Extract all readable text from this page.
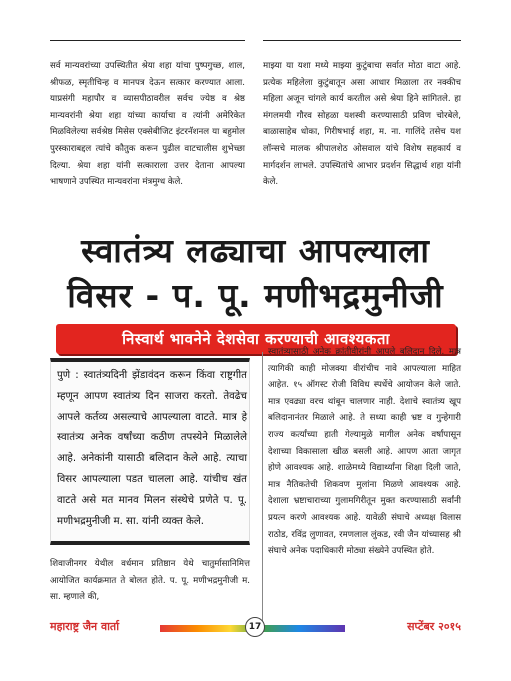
सर्व मान्यवरांच्या उपस्थितीत श्रेया शहा यांचा पुष्पगुच्छ, शाल, श्रीफळ, स्मृतीचिन्ह व मानपत्र देऊन सत्कार करण्यात आला. याप्रसंगी महापौर व व्यासपीठावरील सर्वच ज्येष्ठ व श्रेष्ठ मान्यवरांनी श्रेया शहा यांच्या कार्याचा व त्यांनी अमेरिकेत मिळविलेल्या सर्वश्रेष्ठ मिसेस एक्सेबीजिट इंटरनॅशनल या बहुमोल पुरस्काराबद्दल त्यांचे कौतुक करून पुढील वाटचालीस शुभेच्छा दिल्या. श्रेया शहा यांनी सत्काराला उत्तर देताना आपल्या भाषणाने उपस्थित मान्यवरांना मंत्रमुग्ध केले.
माझ्या या यशा मध्ये माझ्या कुटुंबाचा सर्वात मोठा वाटा आहे. प्रत्येक महिलेला कुटुंबातून असा आधार मिळाला तर नक्कीच महिला अजून चांगले कार्य करतील असे श्रेया हिने सांगितले. हा मंगलमयी गौरव सोहळा यशस्वी करण्यासाठी प्रविण चोरबेले, बाळासाहेब धोका, गिरीषभाई शहा, म. ना. गालिंदे तसेच यश लॉन्सचे मालक श्रीपालशेठ ओसवाल यांचे विशेष सहकार्य व मार्गदर्शन लाभले. उपस्थितांचे आभार प्रदर्शन सिद्धार्थ शहा यांनी केले.
स्वातंत्र्य लढ्याचा आपल्याला
विसर - प. पू. मणीभद्रमुनीजी
निस्वार्थ भावनेने देशसेवा करण्याची आवश्यकता
पुणे : स्वातंत्र्यदिनी झेंडावंदन करून किंवा राष्ट्रगीत म्हणून आपण स्वातंत्र्य दिन साजरा करतो. तेवढेच आपले कर्तव्य असल्याचे आपल्याला वाटते. मात्र हे स्वातंत्र्य अनेक वर्षांच्या कठीण तपस्येने मिळालेले आहे. अनेकांनी यासाठी बलिदान केले आहे. त्याचा विसर आपल्याला पडत चालला आहे. यांचीच खंत वाटते असे मत मानव मिलन संस्थेचे प्रणेते प. पू. मणीभद्रमुनीजी म. सा. यांनी व्यक्त केले.
शिवाजीनगर येथील वर्धमान प्रतिष्ठान येथे चातुर्मासानिमित्त आयोजित कार्यक्रमात ते बोलत होते. प. पू. मणीभद्रमुनीजी म. सा. म्हणाले की,
स्वातंत्र्यासाठी अनेक क्रांतीवीरांनी आपले बलिदान दिले. मात्र त्यागिकी काही मोजक्या वीरांचीच नावे आपल्याला माहित आहेत. १५ ऑगस्ट रोजी विविध स्पर्धेचे आयोजन केले जाते. मात्र एवढ्या वरच थांबून चालणार नाही. देशाचे स्वातंत्र्य खूप बलिदानानंतर मिळाले आहे. ते सध्या काही भ्रष्ट व गुन्हेगारी राज्य कर्त्यांच्या हाती गेल्यामुळे मागील अनेक वर्षांपासून देशाच्या विकासाला खीळ बसली आहे. आपण आता जागृत होणे आवश्यक आहे. शाळेमध्ये विद्यार्थ्यांना शिक्षा दिली जाते, मात्र नैतिकतेची शिकवण मुलांना मिळणे आवश्यक आहे. देशाला भ्रष्टाचाराच्या गुलामगिरीतून मुक्त करण्यासाठी सर्वांनी प्रयत्न करणे आवश्यक आहे. यावेळी संघाचे अध्यक्ष विलास राठोड, रविंद्र लुणावत, रमणलाल लुंकड, रवी जैन यांच्यासह श्री संघाचे अनेक पदाधिकारी मोठ्या संख्येने उपस्थित होते.
महाराष्ट्र जैन वार्ता	17	सप्टेंबर २०१५
